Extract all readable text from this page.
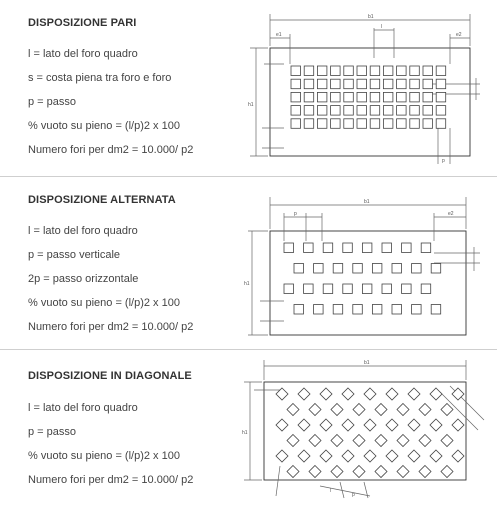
DISPOSIZIONE PARI
l = lato del foro quadro
s = costa piena tra foro e foro
p = passo
% vuoto su pieno = (l/p)2 x 100
Numero fori per dm2 = 10.000/ p2
b1
e1
l
e2
h1
p
DISPOSIZIONE ALTERNATA
l = lato del foro quadro
p = passo verticale
2p = passo orizzontale
% vuoto su pieno = (l/p)2 x 100
Numero fori per dm2 = 10.000/ p2
b1
p	e2
h1
DISPOSIZIONE IN DIAGONALE
l = lato del foro quadro
p = passo
% vuoto su pieno = (l/p)2 x 100
Numero fori per dm2 = 10.000/ p2
b1
h1
p
l
